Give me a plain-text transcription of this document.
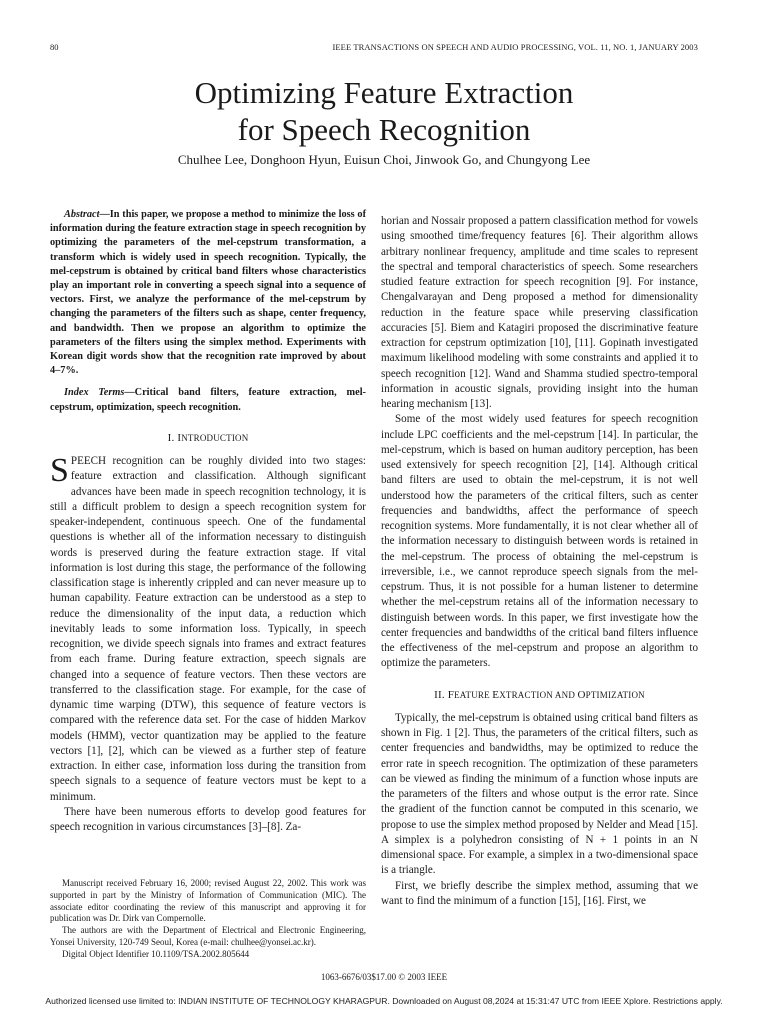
80	IEEE TRANSACTIONS ON SPEECH AND AUDIO PROCESSING, VOL. 11, NO. 1, JANUARY 2003
Optimizing Feature Extraction
for Speech Recognition
Chulhee Lee, Donghoon Hyun, Euisun Choi, Jinwook Go, and Chungyong Lee

Abstract—In this paper, we propose a method to minimize the loss of information during the feature extraction stage in speech recognition by optimizing the parameters of the mel-cepstrum transformation, a transform which is widely used in speech recognition. Typically, the mel-cepstrum is obtained by critical band filters whose characteristics play an important role in converting a speech signal into a sequence of vectors. First, we analyze the performance of the mel-cepstrum by changing the parameters of the filters such as shape, center frequency, and bandwidth. Then we propose an algorithm to optimize the parameters of the filters using the simplex method. Experiments with Korean digit words show that the recognition rate improved by about 4–7%.

Index Terms—Critical band filters, feature extraction, mel-cepstrum, optimization, speech recognition.

I. INTRODUCTION

SPEECH recognition can be roughly divided into two stages: feature extraction and classification. Although significant advances have been made in speech recognition technology, it is still a difficult problem to design a speech recognition system for speaker-independent, continuous speech. One of the fundamental questions is whether all of the information necessary to distinguish words is preserved during the feature extraction stage. If vital information is lost during this stage, the performance of the following classification stage is inherently crippled and can never measure up to human capability. Feature extraction can be understood as a step to reduce the dimensionality of the input data, a reduction which inevitably leads to some information loss. Typically, in speech recognition, we divide speech signals into frames and extract features from each frame. During feature extraction, speech signals are changed into a sequence of feature vectors. Then these vectors are transferred to the classification stage. For example, for the case of dynamic time warping (DTW), this sequence of feature vectors is compared with the reference data set. For the case of hidden Markov models (HMM), vector quantization may be applied to the feature vectors [1], [2], which can be viewed as a further step of feature extraction. In either case, information loss during the transition from speech signals to a sequence of feature vectors must be kept to a minimum.

There have been numerous efforts to develop good features for speech recognition in various circumstances [3]–[8]. Za-

Manuscript received February 16, 2000; revised August 22, 2002. This work was supported in part by the Ministry of Information of Communication (MIC). The associate editor coordinating the review of this manuscript and approving it for publication was Dr. Dirk van Compernolle.

The authors are with the Department of Electrical and Electronic Engineering, Yonsei University, 120-749 Seoul, Korea (e-mail: chulhee@yonsei.ac.kr).

Digital Object Identifier 10.1109/TSA.2002.805644

horian and Nossair proposed a pattern classification method for vowels using smoothed time/frequency features [6]. Their algorithm allows arbitrary nonlinear frequency, amplitude and time scales to represent the spectral and temporal characteristics of speech. Some researchers studied feature extraction for speech recognition [9]. For instance, Chengalvarayan and Deng proposed a method for dimensionality reduction in the feature space while preserving classification accuracies [5]. Biem and Katagiri proposed the discriminative feature extraction for cepstrum optimization [10], [11]. Gopinath investigated maximum likelihood modeling with some constraints and applied it to speech recognition [12]. Wand and Shamma studied spectro-temporal information in acoustic signals, providing insight into the human hearing mechanism [13].

Some of the most widely used features for speech recognition include LPC coefficients and the mel-cepstrum [14]. In particular, the mel-cepstrum, which is based on human auditory perception, has been used extensively for speech recognition [2], [14]. Although critical band filters are used to obtain the mel-cepstrum, it is not well understood how the parameters of the critical filters, such as center frequencies and bandwidths, affect the performance of speech recognition systems. More fundamentally, it is not clear whether all of the information necessary to distinguish between words is retained in the mel-cepstrum. The process of obtaining the mel-cepstrum is irreversible, i.e., we cannot reproduce speech signals from the mel-cepstrum. Thus, it is not possible for a human listener to determine whether the mel-cepstrum retains all of the information necessary to distinguish between words. In this paper, we first investigate how the center frequencies and bandwidths of the critical band filters influence the effectiveness of the mel-cepstrum and propose an algorithm to optimize the parameters.

II. FEATURE EXTRACTION AND OPTIMIZATION

Typically, the mel-cepstrum is obtained using critical band filters as shown in Fig. 1 [2]. Thus, the parameters of the critical filters, such as center frequencies and bandwidths, may be optimized to reduce the error rate in speech recognition. The optimization of these parameters can be viewed as finding the minimum of a function whose inputs are the parameters of the filters and whose output is the error rate. Since the gradient of the function cannot be computed in this scenario, we propose to use the simplex method proposed by Nelder and Mead [15]. A simplex is a polyhedron consisting of N + 1 points in an N dimensional space. For example, a simplex in a two-dimensional space is a triangle.

First, we briefly describe the simplex method, assuming that we want to find the minimum of a function [15], [16]. First, we

1063-6676/03$17.00 © 2003 IEEE
Authorized licensed use limited to: INDIAN INSTITUTE OF TECHNOLOGY KHARAGPUR. Downloaded on August 08,2024 at 15:31:47 UTC from IEEE Xplore. Restrictions apply.
